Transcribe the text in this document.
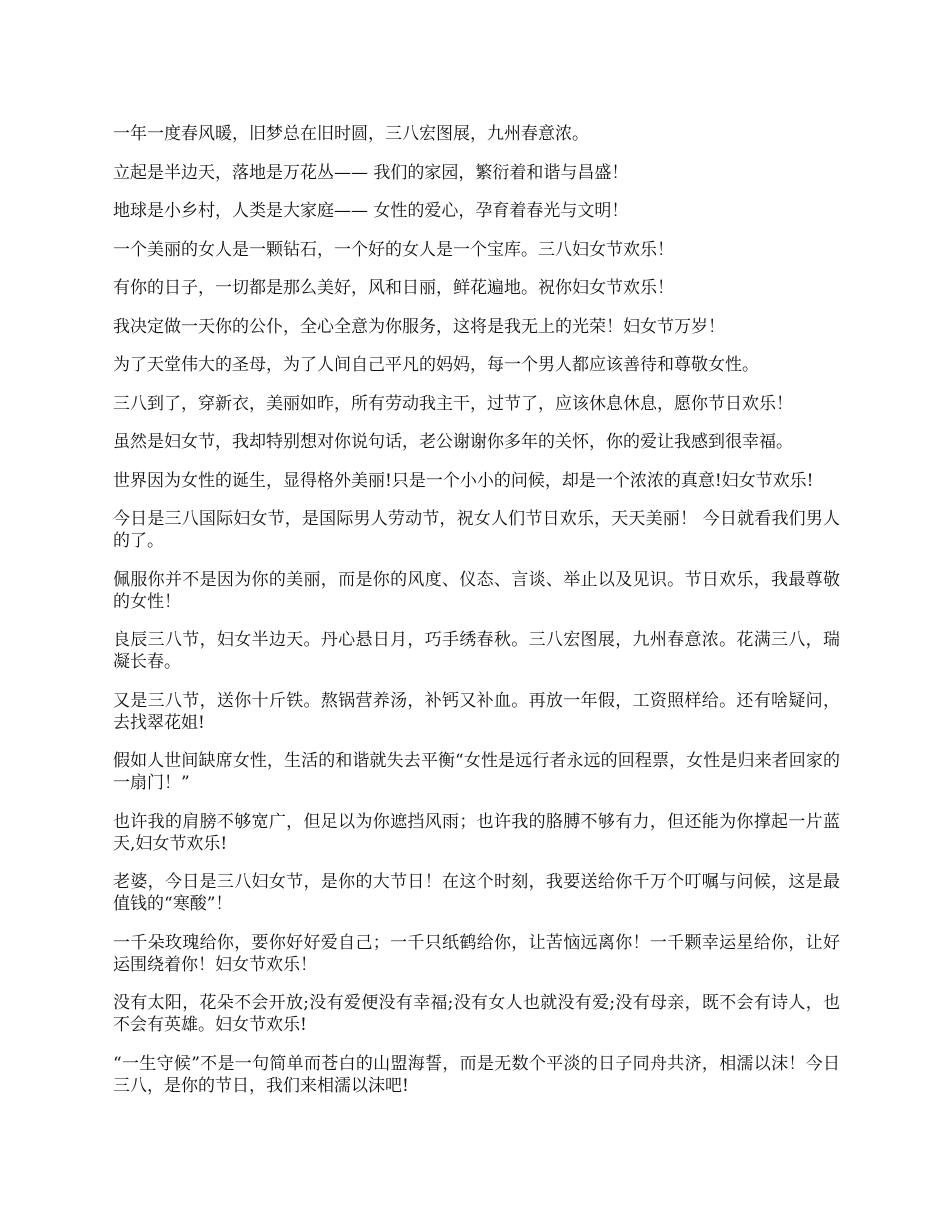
一年一度春风暖，旧梦总在旧时圆，三八宏图展，九州春意浓。

立起是半边天，落地是万花丛—— 我们的家园，繁衍着和谐与昌盛！

地球是小乡村，人类是大家庭—— 女性的爱心，孕育着春光与文明！

一个美丽的女人是一颗钻石，一个好的女人是一个宝库。三八妇女节欢乐！

有你的日子，一切都是那么美好，风和日丽，鲜花遍地。祝你妇女节欢乐！

我决定做一天你的公仆，全心全意为你服务，这将是我无上的光荣！妇女节万岁！

为了天堂伟大的圣母，为了人间自己平凡的妈妈，每一个男人都应该善待和尊敬女性。

三八到了，穿新衣，美丽如昨，所有劳动我主干，过节了，应该休息休息，愿你节日欢乐！

虽然是妇女节，我却特别想对你说句话，老公谢谢你多年的关怀，你的爱让我感到很幸福。

世界因为女性的诞生，显得格外美丽!只是一个小小的问候，却是一个浓浓的真意!妇女节欢乐!

今日是三八国际妇女节，是国际男人劳动节，祝女人们节日欢乐，天天美丽！ 今日就看我们男人的了。

佩服你并不是因为你的美丽，而是你的风度、仪态、言谈、举止以及见识。节日欢乐，我最尊敬的女性！

良辰三八节，妇女半边天。丹心悬日月，巧手绣春秋。三八宏图展，九州春意浓。花满三八，瑞凝长春。

又是三八节，送你十斤铁。熬锅营养汤，补钙又补血。再放一年假，工资照样给。还有啥疑问，去找翠花姐!

假如人世间缺席女性，生活的和谐就失去平衡“女性是远行者永远的回程票，女性是归来者回家的一扇门！”

也许我的肩膀不够宽广，但足以为你遮挡风雨；也许我的胳膊不够有力，但还能为你撑起一片蓝天,妇女节欢乐!

老婆，今日是三八妇女节，是你的大节日！在这个时刻，我要送给你千万个叮嘱与问候，这是最值钱的“寒酸”！

一千朵玫瑰给你，要你好好爱自己；一千只纸鹤给你，让苦恼远离你！一千颗幸运星给你，让好运围绕着你！妇女节欢乐！

没有太阳，花朵不会开放;没有爱便没有幸福;没有女人也就没有爱;没有母亲，既不会有诗人，也不会有英雄。妇女节欢乐!

“一生守候”不是一句简单而苍白的山盟海誓，而是无数个平淡的日子同舟共济，相濡以沫！今日三八，是你的节日，我们来相濡以沫吧!
